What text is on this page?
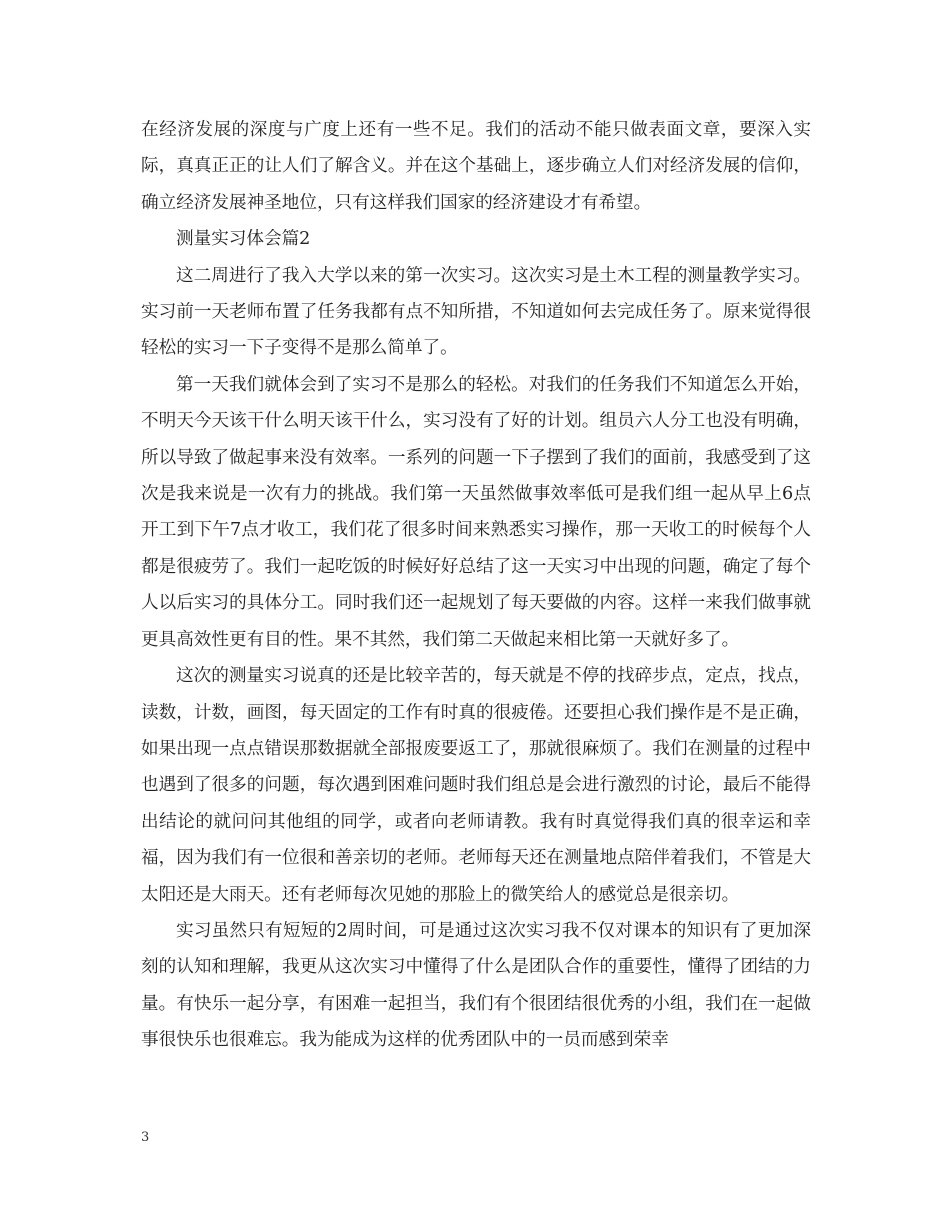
在经济发展的深度与广度上还有一些不足。我们的活动不能只做表面文章，要深入实际，真真正正的让人们了解含义。并在这个基础上，逐步确立人们对经济发展的信仰，确立经济发展神圣地位，只有这样我们国家的经济建设才有希望。

测量实习体会篇2

这二周进行了我入大学以来的第一次实习。这次实习是土木工程的测量教学实习。实习前一天老师布置了任务我都有点不知所措，不知道如何去完成任务了。原来觉得很轻松的实习一下子变得不是那么简单了。

第一天我们就体会到了实习不是那么的轻松。对我们的任务我们不知道怎么开始，不明天今天该干什么明天该干什么，实习没有了好的计划。组员六人分工也没有明确，所以导致了做起事来没有效率。一系列的问题一下子摆到了我们的面前，我感受到了这次是我来说是一次有力的挑战。我们第一天虽然做事效率低可是我们组一起从早上6点开工到下午7点才收工，我们花了很多时间来熟悉实习操作，那一天收工的时候每个人都是很疲劳了。我们一起吃饭的时候好好总结了这一天实习中出现的问题，确定了每个人以后实习的具体分工。同时我们还一起规划了每天要做的内容。这样一来我们做事就更具高效性更有目的性。果不其然，我们第二天做起来相比第一天就好多了。

这次的测量实习说真的还是比较辛苦的，每天就是不停的找碎步点，定点，找点，读数，计数，画图，每天固定的工作有时真的很疲倦。还要担心我们操作是不是正确，如果出现一点点错误那数据就全部报废要返工了，那就很麻烦了。我们在测量的过程中也遇到了很多的问题，每次遇到困难问题时我们组总是会进行激烈的讨论，最后不能得出结论的就问问其他组的同学，或者向老师请教。我有时真觉得我们真的很幸运和幸福，因为我们有一位很和善亲切的老师。老师每天还在测量地点陪伴着我们，不管是大太阳还是大雨天。还有老师每次见她的那脸上的微笑给人的感觉总是很亲切。

实习虽然只有短短的2周时间，可是通过这次实习我不仅对课本的知识有了更加深刻的认知和理解，我更从这次实习中懂得了什么是团队合作的重要性，懂得了团结的力量。有快乐一起分享，有困难一起担当，我们有个很团结很优秀的小组，我们在一起做事很快乐也很难忘。我为能成为这样的优秀团队中的一员而感到荣幸

3
